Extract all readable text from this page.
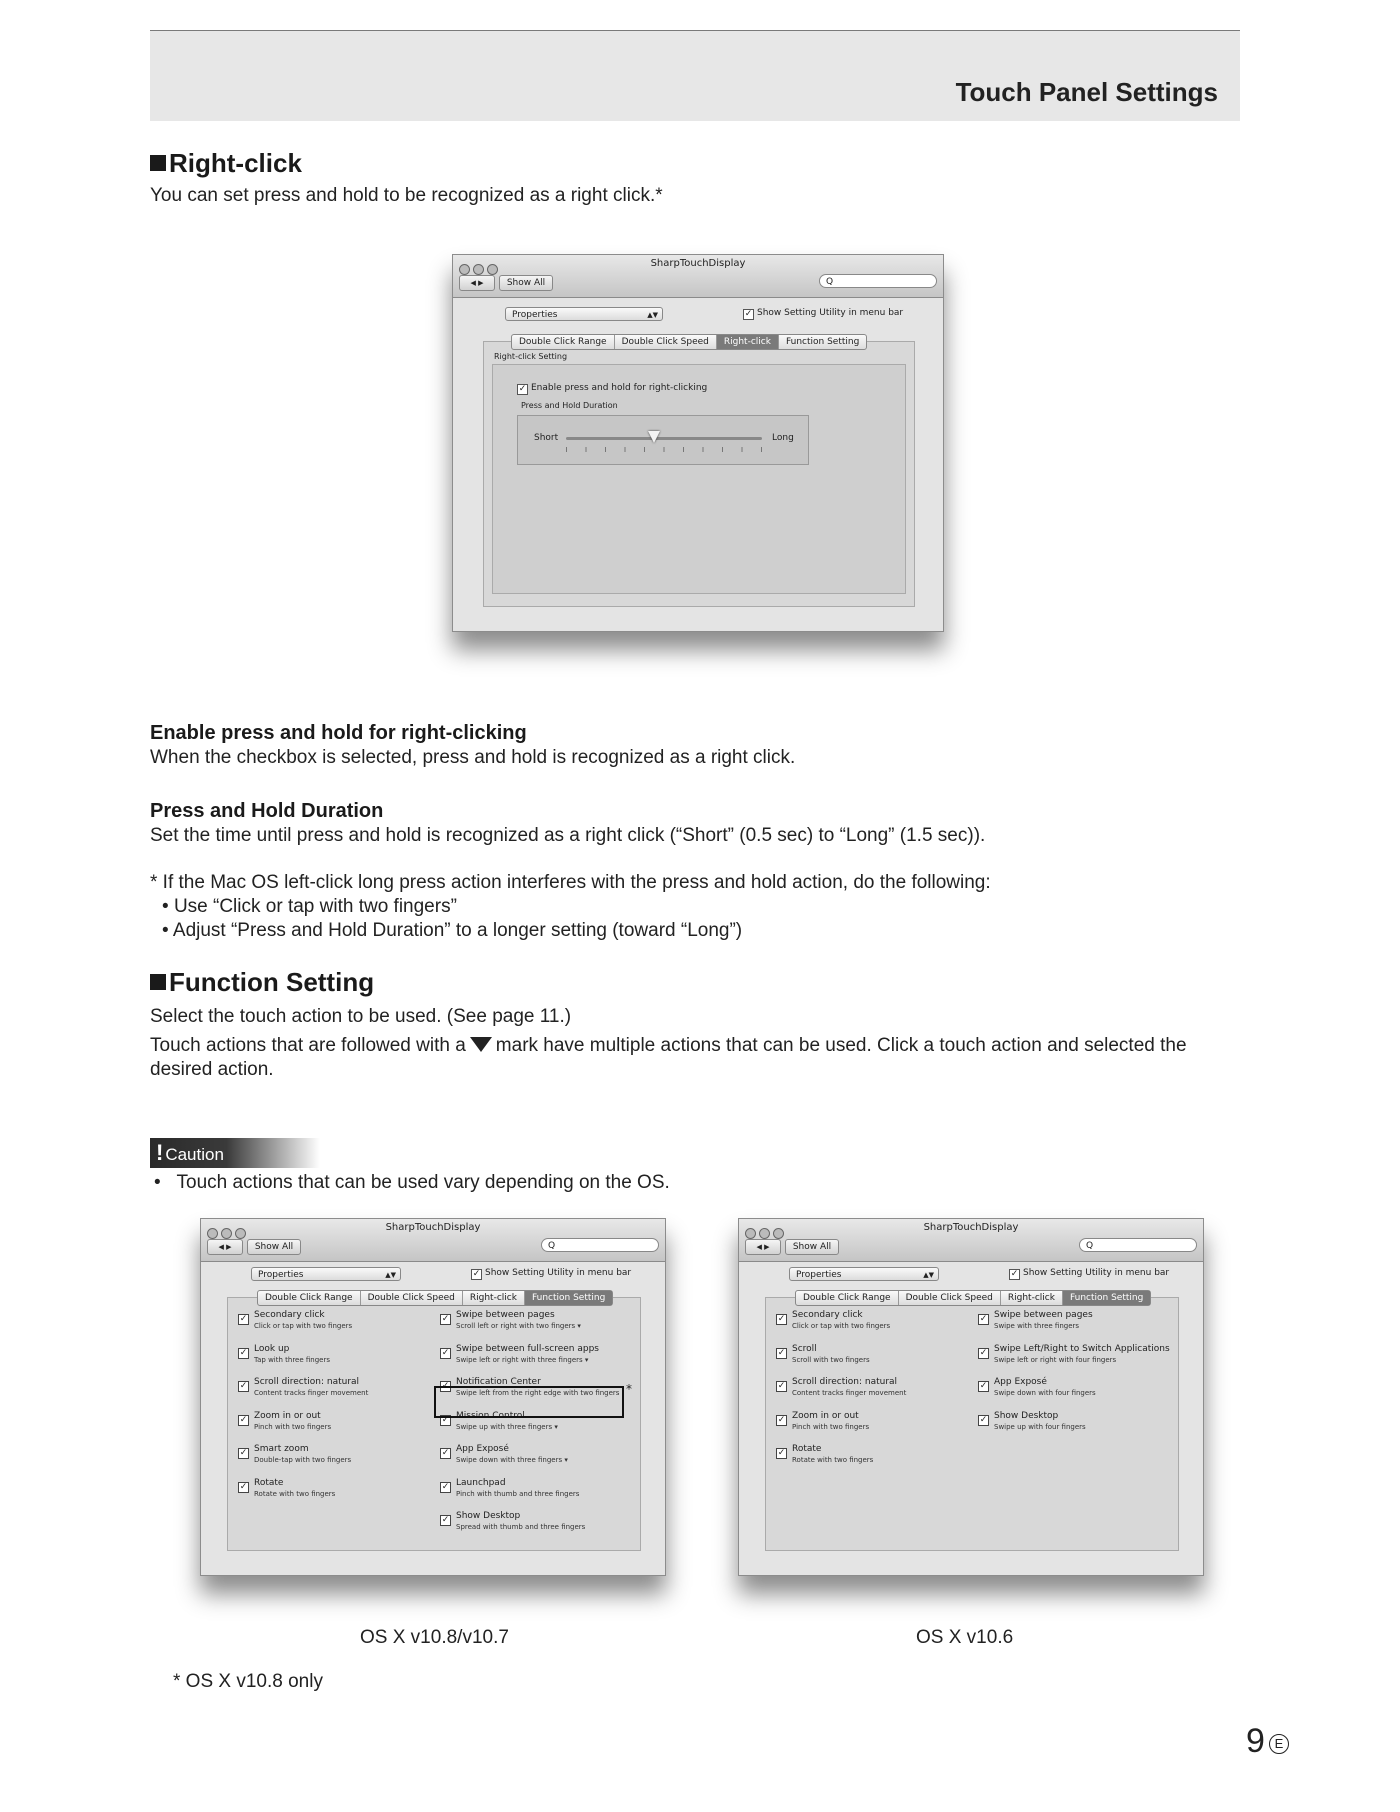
Touch Panel Settings
Right-click
You can set press and hold to be recognized as a right click.*
SharpTouchDisplay
◀ ▶	Show All	Q
Properties	▲▼	✓ Show Setting Utility in menu bar
Right-click Setting
✓ Enable press and hold for right-clicking
Press and Hold Duration
Short	Long
Double Click Range	Double Click Speed	Right-click	Function Setting
Enable press and hold for right-clicking
When the checkbox is selected, press and hold is recognized as a right click.
Press and Hold Duration
Set the time until press and hold is recognized as a right click (“Short” (0.5 sec) to “Long” (1.5 sec)).
* If the Mac OS left-click long press action interferes with the press and hold action, do the following:
• Use “Click or tap with two fingers”
• Adjust “Press and Hold Duration” to a longer setting (toward “Long”)
Function Setting
Select the touch action to be used. (See page 11.)
Touch actions that are followed with a mark have multiple actions that can be used. Click a touch action and selected the
desired action.
! Caution
•   Touch actions that can be used vary depending on the OS.
SharpTouchDisplay
◀ ▶	Show All	Q
Properties	▲▼	✓ Show Setting Utility in menu bar
✓ Secondary click
Click or tap with two fingers
✓ Look up
Tap with three fingers
✓ Scroll direction: natural
Content tracks finger movement
✓ Zoom in or out
Pinch with two fingers
✓ Smart zoom
Double-tap with two fingers
✓ Rotate
Rotate with two fingers
✓ Swipe between pages
Scroll left or right with two fingers ▾
✓ Swipe between full-screen apps
Swipe left or right with three fingers ▾
✓ Notification Center
Swipe left from the right edge with two fingers
✓ Mission Control
Swipe up with three fingers ▾
✓ App Exposé
Swipe down with three fingers ▾
✓ Launchpad
Pinch with thumb and three fingers
✓ Show Desktop
Spread with thumb and three fingers
*
Double Click Range	Double Click Speed	Right-click	Function Setting
SharpTouchDisplay
◀ ▶	Show All	Q
Properties	▲▼	✓ Show Setting Utility in menu bar
✓ Secondary click
Click or tap with two fingers
✓ Scroll
Scroll with two fingers
✓ Scroll direction: natural
Content tracks finger movement
✓ Zoom in or out
Pinch with two fingers
✓ Rotate
Rotate with two fingers
✓ Swipe between pages
Swipe with three fingers
✓ Swipe Left/Right to Switch Applications
Swipe left or right with four fingers
✓ App Exposé
Swipe down with four fingers
✓ Show Desktop
Swipe up with four fingers
Double Click Range	Double Click Speed	Right-click	Function Setting
OS X v10.8/v10.7	OS X v10.6
* OS X v10.8 only
9 E
